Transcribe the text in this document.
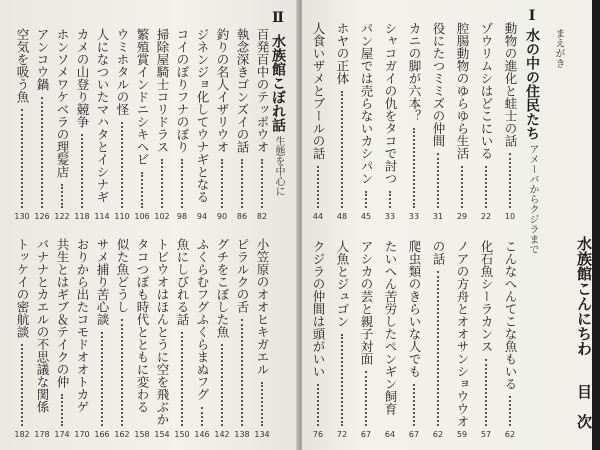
水族館こんにちわ
目　次
まえがき
Ⅰ
水の中の住民たち
アメーバからクジラまで
Ⅱ
水族館こぼれ話
生態を中心に
動物の進化と蛙士の話
10
ゾウリムシはどこにいる
22
腔腸動物のゆらゆら生活
29
役にたつミミズの仲間
31
カニの脚が六本？
33
シャコガイの仇をタコで討つ
33
パン屋では売らないカシパン
45
ホヤの正体
48
人食いザメとブールの話
44
こんなへんてこな魚もいる
62
化石魚シーラカンス
57
ノアの方舟とオオサンショウウオ
59
の話
62
爬虫類のきらいな人でも
67
たいへん苦労したペンギン飼育
64
アシカの芸と親子対面
67
人魚とジュゴン
72
クジラの仲間は頭がいい
76
百発百中のテッポウオ
82
執念深きゴンズイの話
86
釣りの名人イザリウオ
90
ジネンジョ化してウナギとなる
94
コイのぼりフナのぼり
98
掃除屋騎士コリドラス
102
繁殖賞インドニシキヘビ
106
ウミホタルの怪
110
人になついたマハタとイシナギ
114
カメの山登り競争
118
ホンソメワケベラの理髪店
122
アンコウ鍋
126
空気を吸う魚
130
小笠原のオオヒキガエル
134
ピラルクの舌
138
グチをこぼした魚
142
ふくらむフグふくらまぬフグ
146
魚にしびれる話
150
トビウオはほんとうに空を飛ぶか
154
タコつぼも時代とともに変わる
158
似た魚どうし
162
サメ捕り苦心談
166
おりから出たコモドオオトカゲ
170
共生とはギブ＆テイクの仲
174
バナナとカエルの不思議な関係
178
トッケイの密航談
182
